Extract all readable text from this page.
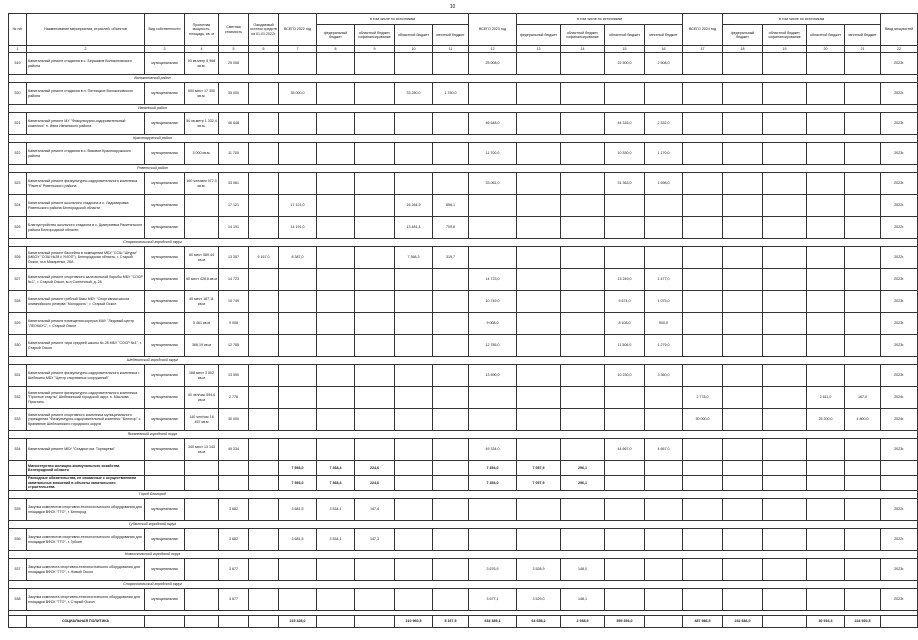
10
№ п/п	Наименование мероприятия, отраслей, объектов	Вид собственности	Проектная мощность, площадь, кв. м	Сметная стоимость	Ожидаемый остаток средств на 01.01.2022г.	ВСЕГО 2022 год	в том числе по источникам				ВСЕГО 2023 год	в том числе по источникам				ВСЕГО 2024 год	в том числе по источникам				Ввод мощностей
							федеральный бюджет	областной бюджет, софинансирование	областной бюджет	местный бюджет		федеральный бюджет	областной бюджет, софинансирование	областной бюджет	местный бюджет		федеральный бюджет	областной бюджет, софинансирование	областной бюджет	местный бюджет	

1	2	3	4	5	6	7	8	9	10	11	12	13	14	15	16	17	18	19	20	21	22
519	Капитальный ремонт стадиона в с. Бершаков Волоконовского района	муниципальная	93 кв.метр 5 968 кв.м.	25 008							25 008,0			22 500,0	2 508,0						2023г.
	Волоконовский район																				
520	Капитальный ремонт стадиона в п. Пятницкое Волоконовского района	муниципальная	500 мест 17 300 кв.м.	35 000		35 000,0			33 250,0	1 750,0											2022г.
	Ивнянский район																				
521	Капитальный ремонт МУ "Физкультурно-оздоровительный комплекс" п. Ивня Ивнянского района	муниципальная	50 кв.метр 1 332,4 кв.м.	46 648							46 648,0			44 316,0	2 332,0						2023г.
	Краснояружский район																				
522	Капитальный ремонт стадиона в с. Вязовое Краснояружского района	муниципальная	3 000 кв.м.	11 700							11 700,0			10 530,0	1 170,0						2023г.
	Ровеньский район																				
523	Капитальный ремонт физкультурно-оздоровительного комплекса "Ракета" Ровеньского района	муниципальная	160 человек 972,3 кв.м.	33 061							33 061,0			31 363,0	1 698,0						2023г.
524	Капитальный ремонт школьного стадиона в с. Ладомировка Ровеньского района Белгородской области	муниципальная		17 121		17 121,0			16 264,9	856,1											2022г.
525	Благоустройство школьного стадиона в с. Дмитриевка Ракитянского района Белгородской области	муниципальная		14 191		14 191,0			13 481,4	709,6											2022г.
	Старооскольский городской округ																				
526	Капитальный ремонт бассейна в помещении МБУ "ССШ "Штурм" (МБОУ "СОШ №28 с УИОП"), Белгородская область, г. Старый Оскол, м-н Макаренко, 26А	муниципальная	60 мест 589,44 кв.м	13 357	9 167,0	8 387,0			7 368,3	319,7											2022г.
527	Капитальный ремонт спортивного зала вольной борьбы МБУ "СОСР №1", г. Старый Оскол, м-н Солнечный, д. 28	муниципальная	60 мест 428,6 кв.м	14 723							14 723,0			13 249,0	1 477,0						2023г.
528	Капитальный ремонт гребной базы МБУ "Спортивная школа олимпийского резерва "Молодость", г. Старый Оскол	муниципальная	40 мест 187,11 кв.м	10 749							10 749,0			9 674,0	1 075,0						2023г.
529	Капитальный ремонт помещения корпуса МАУ "Ледовый центр "ЛЕОКАУС", г. Старый Оскол	муниципальная	5 461 кв.м	9 008							9 008,0			8 108,0	900,0						2023г.
530	Капитальный ремонт тира средней школы № 28 МБУ "СОСР №1", г. Старый Оскол	муниципальная	366,19 кв.м	12 785							12 785,0			11 506,0	1 279,0						2023г.
	Шебекинский городской округ																				
531	Капитальный ремонт физкультурно-оздоровительного комплекса г. Шебекино МБУ "Центр спортивных сооружений"	муниципальная	168 мест 3 502 кв.м	13 590							13 590,0			10 230,0	3 360,0						2023г.
532	Капитальный ремонт физкультурно-оздоровительного комплекса "Простые старты" Шебекинский городской округ, п. Маслова Пристань	муниципальная	40 чел/час 594,6 кв.м	2 778												2 778,0			2 611,0	167,0	2024г.
533	Капитальный ремонт спортивного комплекса муниципального учреждения "Физкультурно-оздоровительный комплекс "Белогор" с. Крапивное Шебекинского городского округа	муниципальная	140 чел/час 16 457 кв.м	30 000												30 000,0			25 200,0	4 800,0	2024г.
	Яковлевский городской округ																				
534	Капитальный ремонт МБУ "Стадион им. Торнарева"	муниципальная	340 мест 13 143 кв.м	49 334							49 334,0			44 667,0	4 667,0						2023г.
	Министерство жилищно-коммунального хозяйства Белгородской области					7 593,0	7 368,4	224,6			7 354,0	7 057,9	296,1								
	Расходные обязательства, не связанные с осуществлением капитальных вложений в объекты капитального строительства					7 593,0	7 368,4	224,6			7 354,0	7 057,9	296,1								
	Город Белгород																				
535	Закупка комплектов спортивно-технологического оборудования для площадки ВФСК "ГТО", г. Белгород	муниципальная		3 682		3 681,5	3 534,1	147,4													2022г.
	Губкинский городской округ																				
536	Закупка комплектов спортивно-технологического оборудования для площадки ВФСК "ГТО", г. Губкин	муниципальная		3 682		3 681,5	3 534,1	147,3													2022г.
	Новооскольский городской округ																				
537	Закупка комплекта спортивно-технологического оборудования для площадки ВФСК "ГТО", г. Новый Оскол	муниципальная		3 677							3 676,9	3 528,9	148,0								2023г.
	Старооскольский городской округ																				
538	Закупка комплекта спортивно-технологического оборудования для площадки ВФСК "ГТО", г. Старый Оскол	муниципальная		3 677							3 677,1	3 529,0	148,1								2023г.

	СОЦИАЛЬНАЯ ПОЛИТИКА					215 428,0			210 960,5	5 167,5	634 389,1	64 658,2	2 938,9	559 393,0		487 986,5	232 686,0		30 916,3	224 920,5	
